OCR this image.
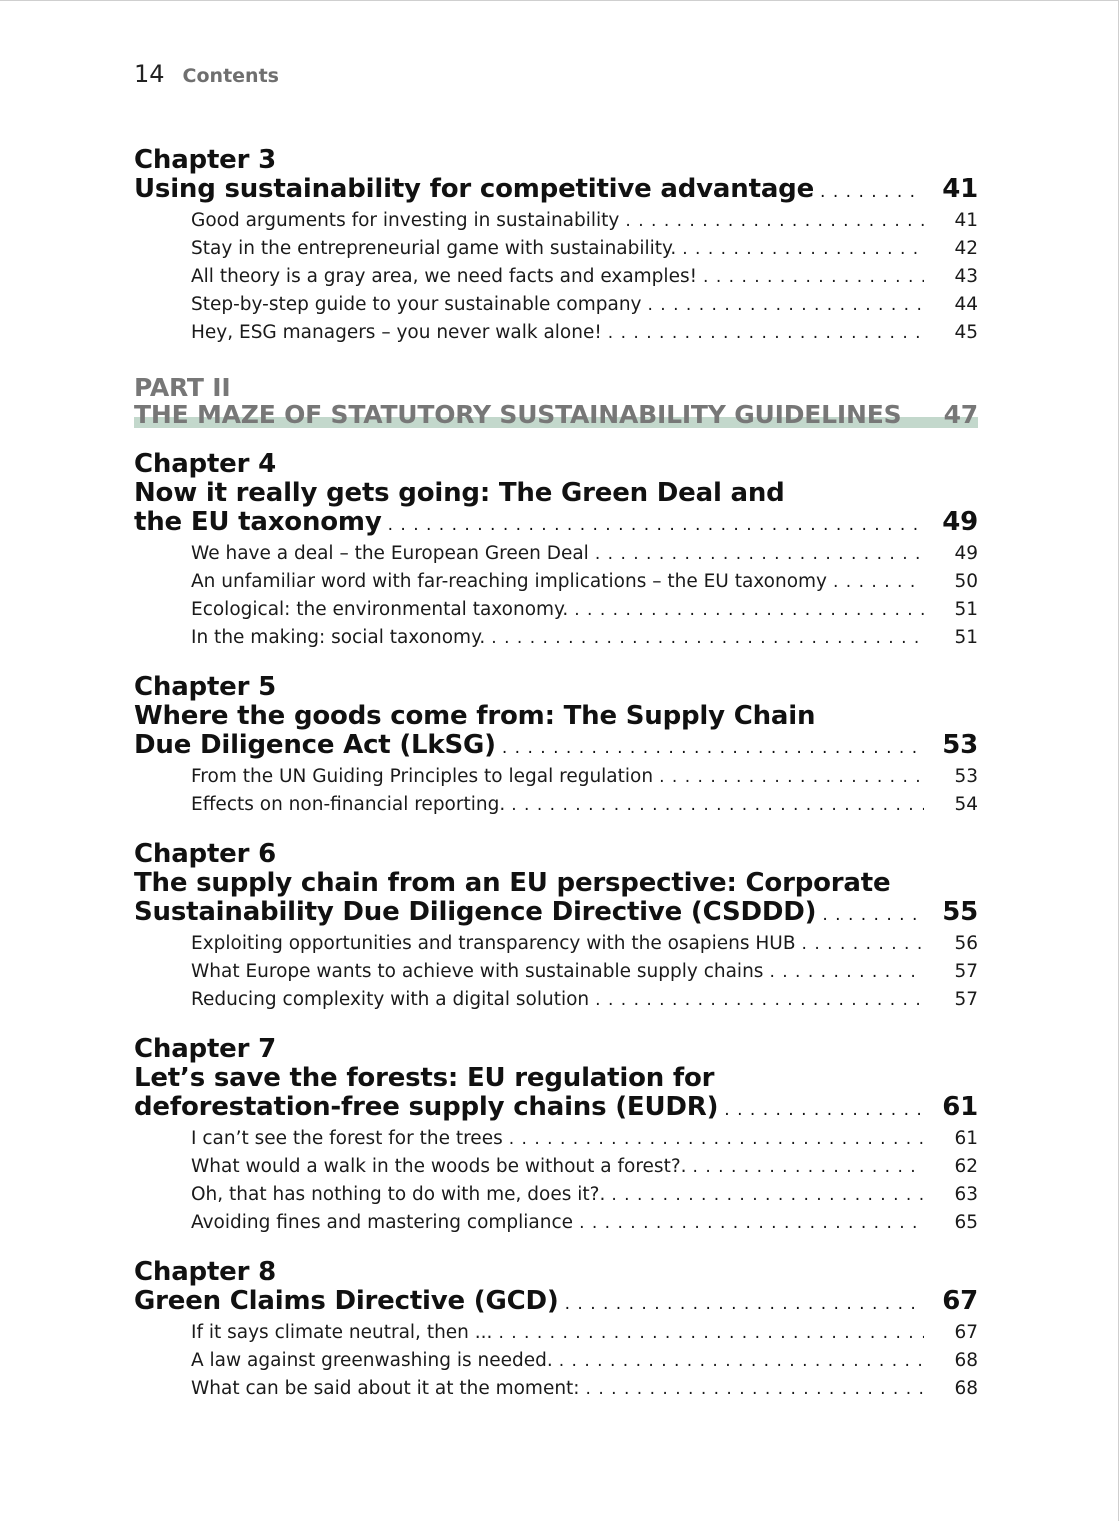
14 Contents
Chapter 3
Using sustainability for competitive advantage . . .	41
Good arguments for investing in sustainability . . .	41
Stay in the entrepreneurial game with sustainability. . . .	42
All theory is a gray area, we need facts and examples! . . .	43
Step-by-step guide to your sustainable company . . .	44
Hey, ESG managers – you never walk alone! . . .	45
PART II
THE MAZE OF STATUTORY SUSTAINABILITY GUIDELINES	47
Chapter 4
Now it really gets going: The Green Deal and
the EU taxonomy . . .	49
We have a deal – the European Green Deal . . .	49
An unfamiliar word with far-reaching implications – the EU taxonomy . . .	50
Ecological: the environmental taxonomy. . . .	51
In the making: social taxonomy. . . .	51
Chapter 5
Where the goods come from: The Supply Chain
Due Diligence Act (LkSG) . . .	53
From the UN Guiding Principles to legal regulation . . .	53
Effects on non-financial reporting. . . .	54
Chapter 6
The supply chain from an EU perspective: Corporate
Sustainability Due Diligence Directive (CSDDD) . . .	55
Exploiting opportunities and transparency with the osapiens HUB . . .	56
What Europe wants to achieve with sustainable supply chains . . .	57
Reducing complexity with a digital solution . . .	57
Chapter 7
Let’s save the forests: EU regulation for
deforestation-free supply chains (EUDR) . . .	61
I can’t see the forest for the trees . . .	61
What would a walk in the woods be without a forest?. . . .	62
Oh, that has nothing to do with me, does it?. . . .	63
Avoiding fines and mastering compliance . . .	65
Chapter 8
Green Claims Directive (GCD) . . .	67
If it says climate neutral, then ... . . .	67
A law against greenwashing is needed. . . .	68
What can be said about it at the moment: . . .	68
